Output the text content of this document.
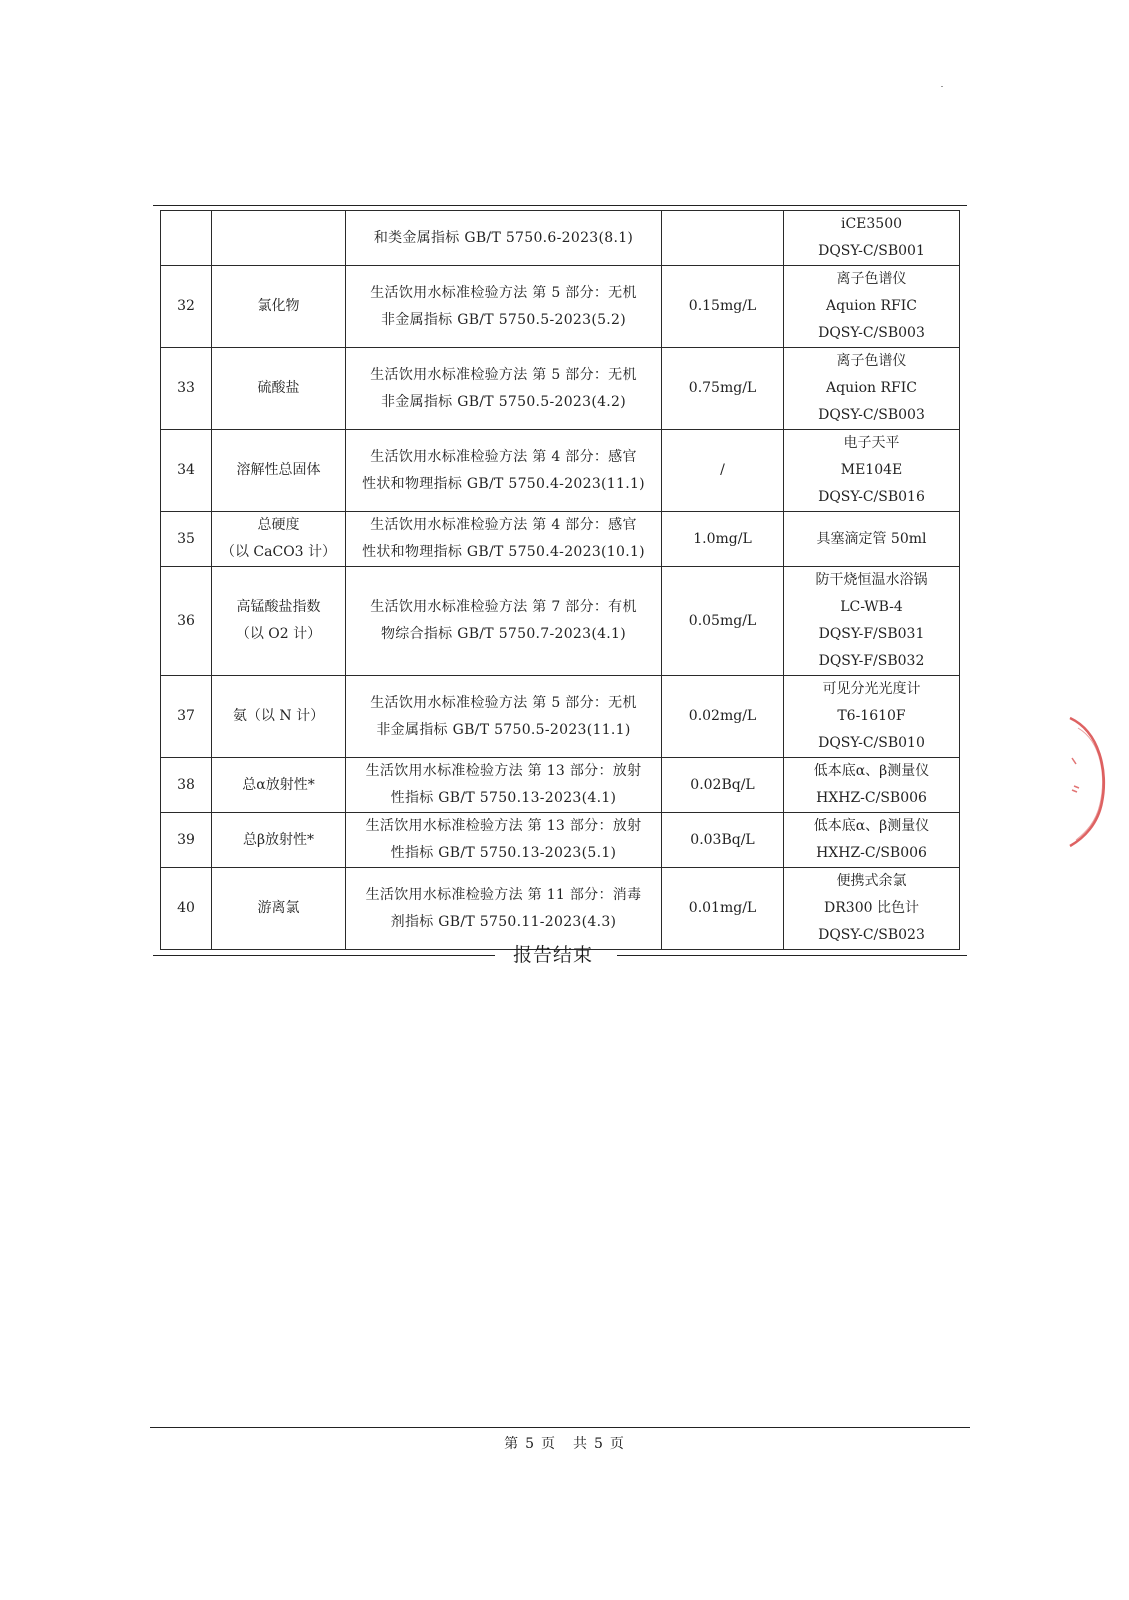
		和类金属指标 GB/T 5750.6-2023(8.1)		iCE3500
DQSY-C/SB001

32	氯化物	生活饮用水标准检验方法 第 5 部分：无机
非金属指标 GB/T 5750.5-2023(5.2)	0.15mg/L	离子色谱仪
Aquion RFIC
DQSY-C/SB003

33	硫酸盐	生活饮用水标准检验方法 第 5 部分：无机
非金属指标 GB/T 5750.5-2023(4.2)	0.75mg/L	离子色谱仪
Aquion RFIC
DQSY-C/SB003

34	溶解性总固体	生活饮用水标准检验方法 第 4 部分：感官
性状和物理指标 GB/T 5750.4-2023(11.1)	/	电子天平
ME104E
DQSY-C/SB016

35	总硬度
（以 CaCO3 计）	生活饮用水标准检验方法 第 4 部分：感官
性状和物理指标 GB/T 5750.4-2023(10.1)	1.0mg/L	具塞滴定管 50ml

36	高锰酸盐指数
（以 O2 计）	生活饮用水标准检验方法 第 7 部分：有机
物综合指标 GB/T 5750.7-2023(4.1)	0.05mg/L	防干烧恒温水浴锅
LC-WB-4
DQSY-F/SB031
DQSY-F/SB032

37	氨（以 N 计）	生活饮用水标准检验方法 第 5 部分：无机
非金属指标 GB/T 5750.5-2023(11.1)	0.02mg/L	可见分光光度计
T6-1610F
DQSY-C/SB010

38	总α放射性*	生活饮用水标准检验方法 第 13 部分：放射
性指标 GB/T 5750.13-2023(4.1)	0.02Bq/L	低本底α、β测量仪
HXHZ-C/SB006

39	总β放射性*	生活饮用水标准检验方法 第 13 部分：放射
性指标 GB/T 5750.13-2023(5.1)	0.03Bq/L	低本底α、β测量仪
HXHZ-C/SB006

40	游离氯	生活饮用水标准检验方法 第 11 部分：消毒
剂指标 GB/T 5750.11-2023(4.3)	0.01mg/L	便携式余氯
DR300 比色计
DQSY-C/SB023
报告结束
第 5 页 共 5 页
